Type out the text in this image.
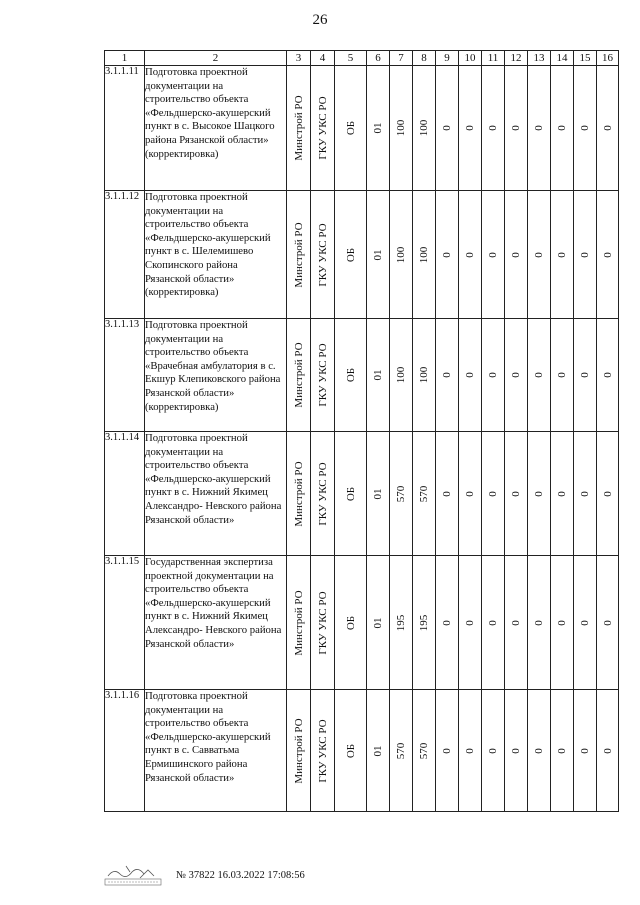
26
1	2	3	4	5	6	7	8	9	10	11	12	13	14	15	16
3.1.1.11	Подготовка проектной документации на строительство объекта «Фельдшерско-акушерский пункт в с. Высокое Шацкого района Рязанской области» (корректировка)	Минстрой РО	ГКУ УКС РО	ОБ	01	100	100	0	0	0	0	0	0	0	0

3.1.1.12	Подготовка проектной документации на строительство объекта «Фельдшерско-акушерский пункт в с. Шелемишево Скопинского района Рязанской области» (корректировка)	Минстрой РО	ГКУ УКС РО	ОБ	01	100	100	0	0	0	0	0	0	0	0

3.1.1.13	Подготовка проектной документации на строительство объекта «Врачебная амбулатория в с. Екшур Клепиковского района Рязанской области» (корректировка)	Минстрой РО	ГКУ УКС РО	ОБ	01	100	100	0	0	0	0	0	0	0	0

3.1.1.14	Подготовка проектной документации на строительство объекта «Фельдшерско-акушерский пункт в с. Нижний Якимец Александро- Невского района Рязанской области»	Минстрой РО	ГКУ УКС РО	ОБ	01	570	570	0	0	0	0	0	0	0	0

3.1.1.15	Государственная экспертиза проектной документации на строительство объекта «Фельдшерско-акушерский пункт в с. Нижний Якимец Александро- Невского района Рязанской области»	Минстрой РО	ГКУ УКС РО	ОБ	01	195	195	0	0	0	0	0	0	0	0

3.1.1.16	Подготовка проектной документации на строительство объекта «Фельдшерско-акушерский пункт в с. Савватьма Ермишинского района Рязанской области»	Минстрой РО	ГКУ УКС РО	ОБ	01	570	570	0	0	0	0	0	0	0	0
№ 37822 16.03.2022 17:08:56
